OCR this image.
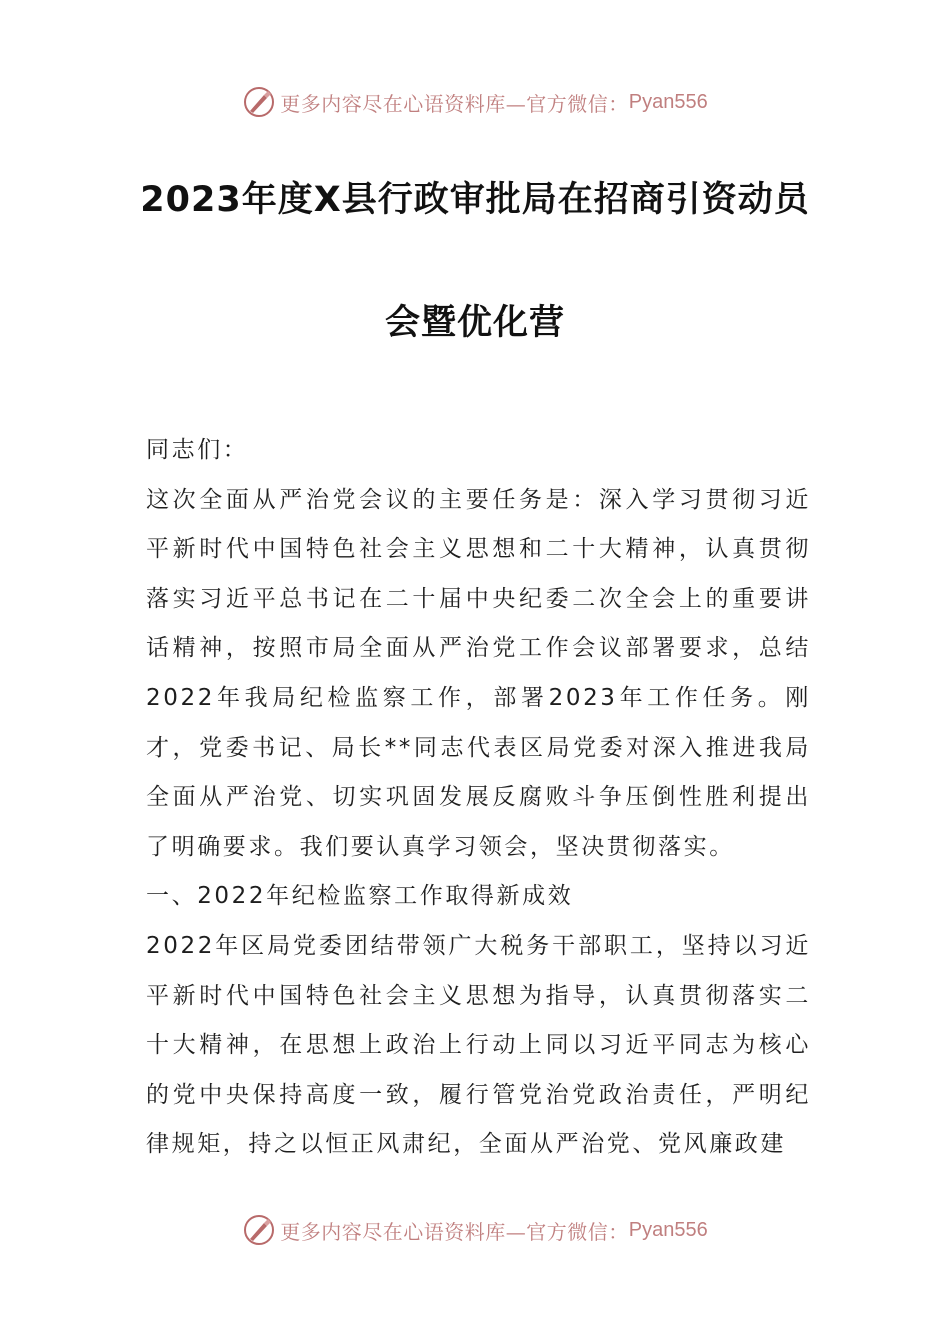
更多内容尽在心语资料库—官方微信： Pyan556
2023年度X县行政审批局在招商引资动员
会暨优化营

同志们：

这次全面从严治党会议的主要任务是：深入学习贯彻习近平新时代中国特色社会主义思想和二十大精神，认真贯彻落实习近平总书记在二十届中央纪委二次全会上的重要讲话精神，按照市局全面从严治党工作会议部署要求，总结2022年我局纪检监察工作，部署2023年工作任务。刚才，党委书记、局长**同志代表区局党委对深入推进我局全面从严治党、切实巩固发展反腐败斗争压倒性胜利提出了明确要求。我们要认真学习领会，坚决贯彻落实。

一、2022年纪检监察工作取得新成效

2022年区局党委团结带领广大税务干部职工，坚持以习近平新时代中国特色社会主义思想为指导，认真贯彻落实二十大精神，在思想上政治上行动上同以习近平同志为核心的党中央保持高度一致，履行管党治党政治责任，严明纪律规矩，持之以恒正风肃纪，全面从严治党、党风廉政建

更多内容尽在心语资料库—官方微信： Pyan556
